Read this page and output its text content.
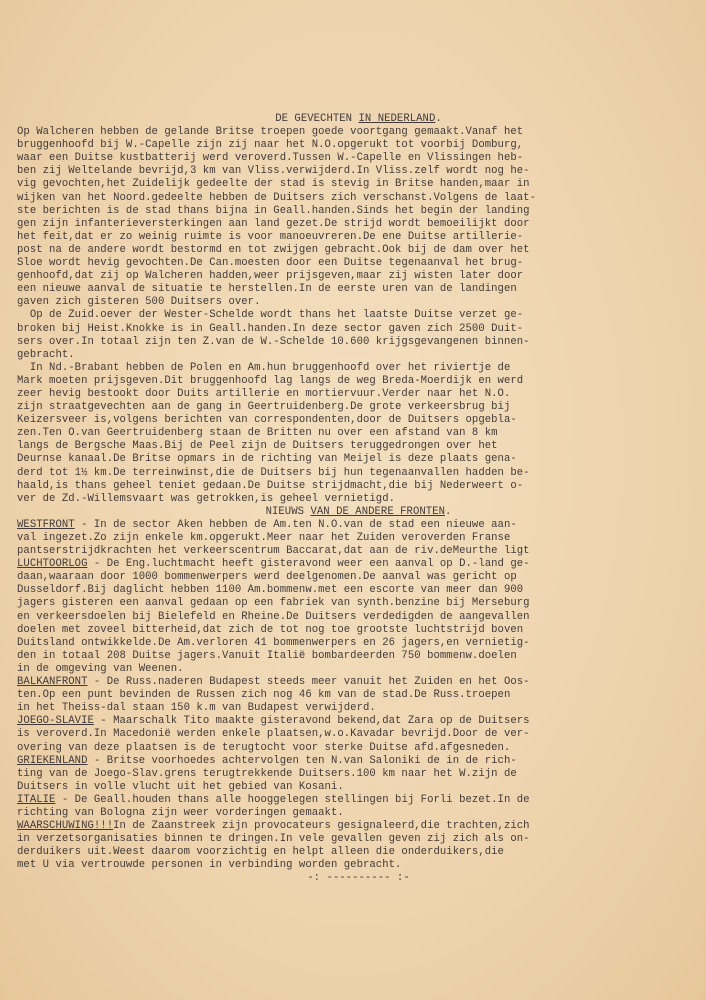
DE GEVECHTEN IN NEDERLAND.
Op Walcheren hebben de gelande Britse troepen goede voortgang gemaakt.Vanaf het
bruggenhoofd bij W.-Capelle zijn zij naar het N.O.opgerukt tot voorbij Domburg,
waar een Duitse kustbatterij werd veroverd.Tussen W.-Capelle en Vlissingen heb-
ben zij Weltelande bevrijd,3 km van Vliss.verwijderd.In Vliss.zelf wordt nog he-
vig gevochten,het Zuidelijk gedeelte der stad is stevig in Britse handen,maar in
wijken van het Noord.gedeelte hebben de Duitsers zich verschanst.Volgens de laat-
ste berichten is de stad thans bijna in Geall.handen.Sinds het begin der landing
gen zijn infanterieversterkingen aan land gezet.De strijd wordt bemoeilijkt door
het feit,dat er zo weinig ruimte is voor manoeuvreren.De ene Duitse artillerie-
post na de andere wordt bestormd en tot zwijgen gebracht.Ook bij de dam over het
Sloe wordt hevig gevochten.De Can.moesten door een Duitse tegenaanval het brug-
genhoofd,dat zij op Walcheren hadden,weer prijsgeven,maar zij wisten later door
een nieuwe aanval de situatie te herstellen.In de eerste uren van de landingen
gaven zich gisteren 500 Duitsers over.
Op de Zuid.oever der Wester-Schelde wordt thans het laatste Duitse verzet ge-
broken bij Heist.Knokke is in Geall.handen.In deze sector gaven zich 2500 Duit-
sers over.In totaal zijn ten Z.van de W.-Schelde 10.600 krijgsgevangenen binnen-
gebracht.
In Nd.-Brabant hebben de Polen en Am.hun bruggenhoofd over het riviertje de
Mark moeten prijsgeven.Dit bruggenhoofd lag langs de weg Breda-Moerdijk en werd
zeer hevig bestookt door Duits artillerie en mortiervuur.Verder naar het N.O.
zijn straatgevechten aan de gang in Geertruidenberg.De grote verkeersbrug bij
Keizersveer is,volgens berichten van correspondenten,door de Duitsers opgebla-
zen.Ten O.van Geertruidenberg staan de Britten nu over een afstand van 8 km
langs de Bergsche Maas.Bij de Peel zijn de Duitsers teruggedrongen over het
Deurnse kanaal.De Britse opmars in de richting van Meijel is deze plaats gena-
derd tot 1½ km.De terreinwinst,die de Duitsers bij hun tegenaanvallen hadden be-
haald,is thans geheel teniet gedaan.De Duitse strijdmacht,die bij Nederweert o-
ver de Zd.-Willemsvaart was getrokken,is geheel vernietigd.
NIEUWS VAN DE ANDERE FRONTEN.
WESTFRONT - In de sector Aken hebben de Am.ten N.O.van de stad een nieuwe aan-
val ingezet.Zo zijn enkele km.opgerukt.Meer naar het Zuiden veroverden Franse
pantserstrijdkrachten het verkeerscentrum Baccarat,dat aan de riv.deMeurthe ligt
LUCHTOORLOG - De Eng.luchtmacht heeft gisteravond weer een aanval op D.-land ge-
daan,waaraan door 1000 bommenwerpers werd deelgenomen.De aanval was gericht op
Dusseldorf.Bij daglicht hebben 1100 Am.bommenw.met een escorte van meer dan 900
jagers gisteren een aanval gedaan op een fabriek van synth.benzine bij Merseburg
en verkeersdoelen bij Bielefeld en Rheine.De Duitsers verdedigden de aangevallen
doelen met zoveel bitterheid,dat zich de tot nog toe grootste luchtstrijd boven
Duitsland ontwikkelde.De Am.verloren 41 bommenwerpers en 26 jagers,en vernietig-
den in totaal 208 Duitse jagers.Vanuit Italië bombardeerden 750 bommenw.doelen
in de omgeving van Weenen.
BALKANFRONT - De Russ.naderen Budapest steeds meer vanuit het Zuiden en het Oos-
ten.Op een punt bevinden de Russen zich nog 46 km van de stad.De Russ.troepen
in het Theiss-dal staan 150 k.m van Budapest verwijderd.
JOEGO-SLAVIË - Maarschalk Tito maakte gisteravond bekend,dat Zara op de Duitsers
is veroverd.In Macedonië werden enkele plaatsen,w.o.Kavadar bevrijd.Door de ver-
overing van deze plaatsen is de terugtocht voor sterke Duitse afd.afgesneden.
GRIEKENLAND - Britse voorhoedes achtervolgen ten N.van Saloniki de in de rich-
ting van de Joego-Slav.grens terugtrekkende Duitsers.100 km naar het W.zijn de
Duitsers in volle vlucht uit het gebied van Kosani.
ITALIË - De Geall.houden thans alle hooggelegen stellingen bij Forli bezet.In de
richting van Bologna zijn weer vorderingen gemaakt.
WAARSCHUWING!!!In de Zaanstreek zijn provocateurs gesignaleerd,die trachten,zich
in verzetsorganisaties binnen te dringen.In vele gevallen geven zij zich als on-
derduikers uit.Weest daarom voorzichtig en helpt alleen die onderduikers,die
met U via vertrouwde personen in verbinding worden gebracht.
-: ---------- :-
